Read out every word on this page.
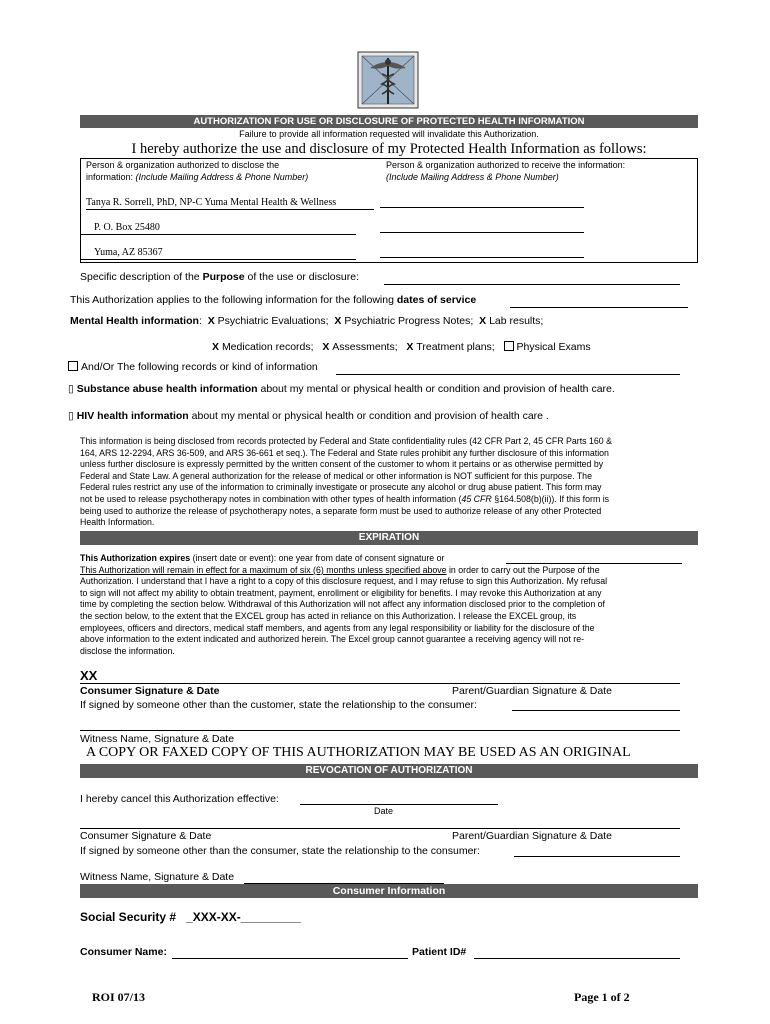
AUTHORIZATION FOR USE OR DISCLOSURE OF PROTECTED HEALTH INFORMATION
Failure to provide all information requested will invalidate this Authorization.
I hereby authorize the use and disclosure of my Protected Health Information as follows:
Person & organization authorized to disclose the
information: (Include Mailing Address & Phone Number)
Person & organization authorized to receive the information:
(Include Mailing Address & Phone Number)
Tanya R. Sorrell, PhD, NP-C Yuma Mental Health & Wellness
P. O. Box 25480
Yuma, AZ 85367
Specific description of the Purpose of the use or disclosure:
This Authorization applies to the following information for the following dates of service
Mental Health information:  X Psychiatric Evaluations; X Psychiatric Progress Notes; X Lab results;
X Medication records; X Assessments; X Treatment plans; Physical Exams
And/Or The following records or kind of information
▯ Substance abuse health information about my mental or physical health or condition and provision of health care.
▯ HIV health information about my mental or physical health or condition and provision of health care .
This information is being disclosed from records protected by Federal and State confidentiality rules (42 CFR Part 2, 45 CFR Parts 160 &
164, ARS 12-2294, ARS 36-509, and ARS 36-661 et seq.). The Federal and State rules prohibit any further disclosure of this information
unless further disclosure is expressly permitted by the written consent of the customer to whom it pertains or as otherwise permitted by
Federal and State Law. A general authorization for the release of medical or other information is NOT sufficient for this purpose. The
Federal rules restrict any use of the information to criminally investigate or prosecute any alcohol or drug abuse patient. This form may
not be used to release psychotherapy notes in combination with other types of health information (45 CFR §164.508(b)(ii)). If this form is
being used to authorize the release of psychotherapy notes, a separate form must be used to authorize release of any other Protected
Health Information.
EXPIRATION
This Authorization expires (insert date or event): one year from date of consent signature or
This Authorization will remain in effect for a maximum of six (6) months unless specified above in order to carry out the Purpose of the
Authorization. I understand that I have a right to a copy of this disclosure request, and I may refuse to sign this Authorization. My refusal
to sign will not affect my ability to obtain treatment, payment, enrollment or eligibility for benefits. I may revoke this Authorization at any
time by completing the section below. Withdrawal of this Authorization will not affect any information disclosed prior to the completion of
the section below, to the extent that the EXCEL group has acted in reliance on this Authorization. I release the EXCEL group, its
employees, officers and directors, medical staff members, and agents from any legal responsibility or liability for the disclosure of the
above information to the extent indicated and authorized herein. The Excel group cannot guarantee a receiving agency will not re-
disclose the information.
XX
Consumer Signature & Date	Parent/Guardian Signature & Date
If signed by someone other than the customer, state the relationship to the consumer:
Witness Name, Signature & Date
A COPY OR FAXED COPY OF THIS AUTHORIZATION MAY BE USED AS AN ORIGINAL
REVOCATION OF AUTHORIZATION
I hereby cancel this Authorization effective:
Date
Consumer Signature & Date	Parent/Guardian Signature & Date
If signed by someone other than the consumer, state the relationship to the consumer:
Witness Name, Signature & Date
Consumer Information
Social Security # _XXX-XX-_________
Consumer Name:	Patient ID#
ROI 07/13	Page 1 of 2
